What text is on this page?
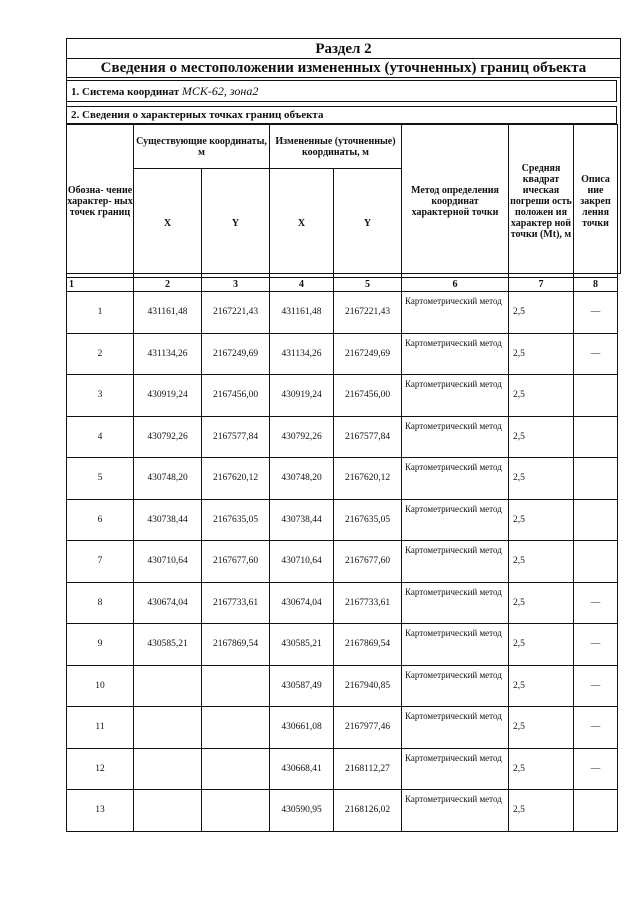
Раздел 2
Сведения о местоположении измененных (уточненных) границ объекта
1. Система координат МСК-62, зона2
2. Сведения о характерных точках границ объекта
Обозна- чение характер- ных точек границ	Существующие координаты, м		Измененные (уточненные) координаты, м		Метод определения координат характерной точки	Средняя квадрат ическая погреши ость положен ия характер ной точки (Mt), м	Описа ние закреп ления точки
	X	Y	X	Y			
1	2	3	4	5	6	7	8
1	431161,48	2167221,43	431161,48	2167221,43	Картометрический метод	2,5	—
2	431134,26	2167249,69	431134,26	2167249,69	Картометрический метод	2,5	—
3	430919,24	2167456,00	430919,24	2167456,00	Картометрический метод	2,5	
4	430792,26	2167577,84	430792,26	2167577,84	Картометрический метод	2,5	
5	430748,20	2167620,12	430748,20	2167620,12	Картометрический метод	2,5	
6	430738,44	2167635,05	430738,44	2167635,05	Картометрический метод	2,5	
7	430710,64	2167677,60	430710,64	2167677,60	Картометрический метод	2,5	
8	430674,04	2167733,61	430674,04	2167733,61	Картометрический метод	2,5	—
9	430585,21	2167869,54	430585,21	2167869,54	Картометрический метод	2,5	—
10			430587,49	2167940,85	Картометрический метод	2,5	—
11			430661,08	2167977,46	Картометрический метод	2,5	—
12			430668,41	2168112,27	Картометрический метод	2,5	—
13			430590,95	2168126,02	Картометрический метод	2,5	
